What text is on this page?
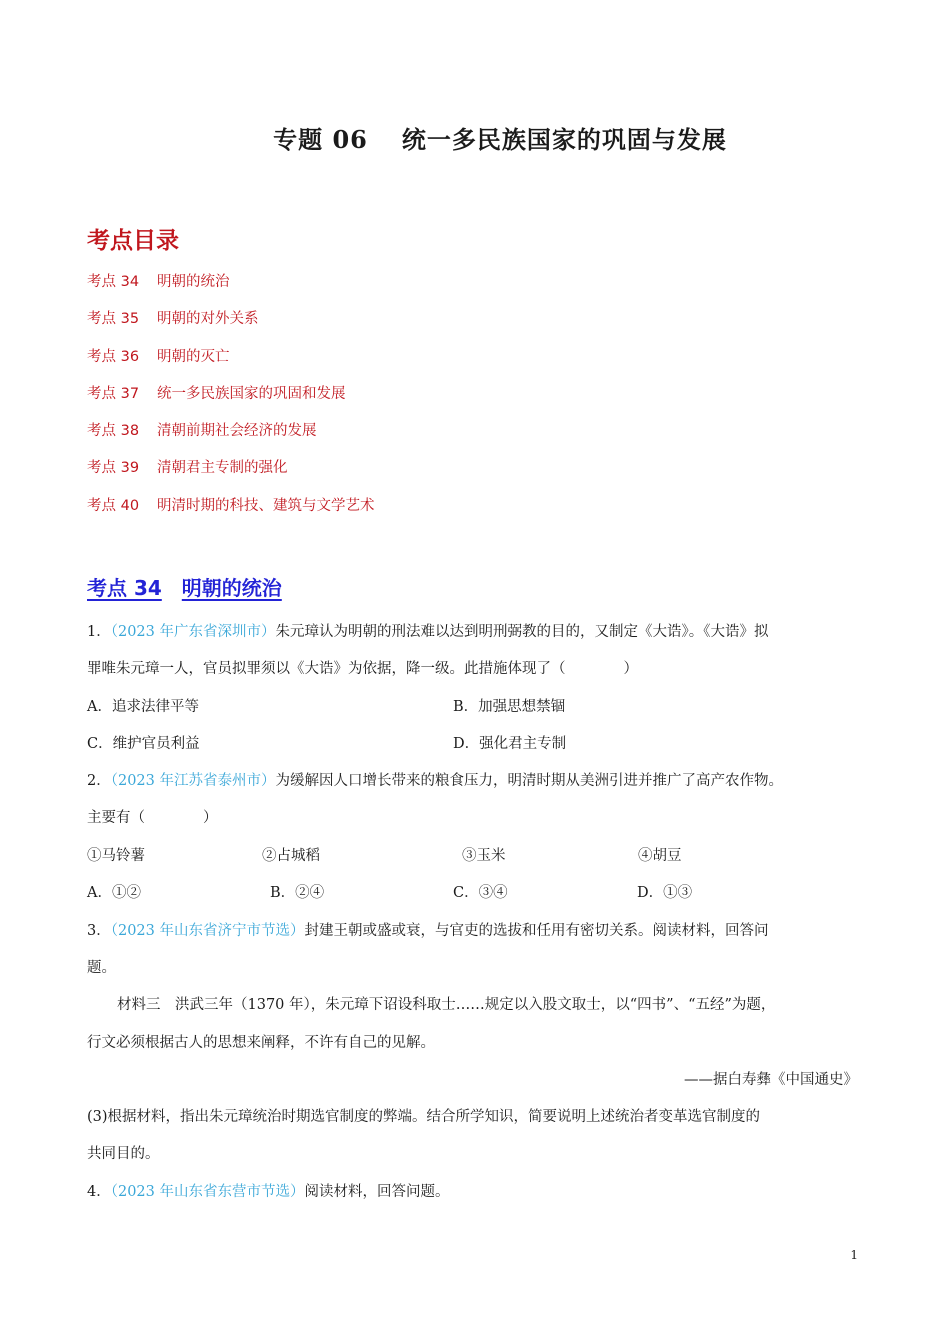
专题 06 统一多民族国家的巩固与发展
考点目录
考点 34 明朝的统治
考点 35 明朝的对外关系
考点 36 明朝的灭亡
考点 37 统一多民族国家的巩固和发展
考点 38 清朝前期社会经济的发展
考点 39 清朝君主专制的强化
考点 40 明清时期的科技、建筑与文学艺术
考点 34 明朝的统治
1．（2023 年广东省深圳市）朱元璋认为明朝的刑法难以达到明刑弼教的目的，又制定《大诰》。《大诰》拟
罪唯朱元璋一人，官员拟罪须以《大诰》为依据，降一级。此措施体现了（　　　　）
A．追求法律平等	B．加强思想禁锢
C．维护官员利益	D．强化君主专制
2．（2023 年江苏省泰州市）为缓解因人口增长带来的粮食压力，明清时期从美洲引进并推广了高产农作物。
主要有（　　　　）
①马铃薯	②占城稻	③玉米	④胡豆
A．①②	B．②④	C．③④	D．①③
3．（2023 年山东省济宁市节选）封建王朝或盛或衰，与官吏的选拔和任用有密切关系。阅读材料，回答问
题。
材料三　洪武三年（1370 年），朱元璋下诏设科取士……规定以入股文取士，以“四书”、“五经”为题，
行文必须根据古人的思想来阐释，不许有自己的见解。
——据白寿彝《中国通史》
(3)根据材料，指出朱元璋统治时期选官制度的弊端。结合所学知识，简要说明上述统治者变革选官制度的
共同目的。
4．（2023 年山东省东营市节选）阅读材料，回答问题。
1
